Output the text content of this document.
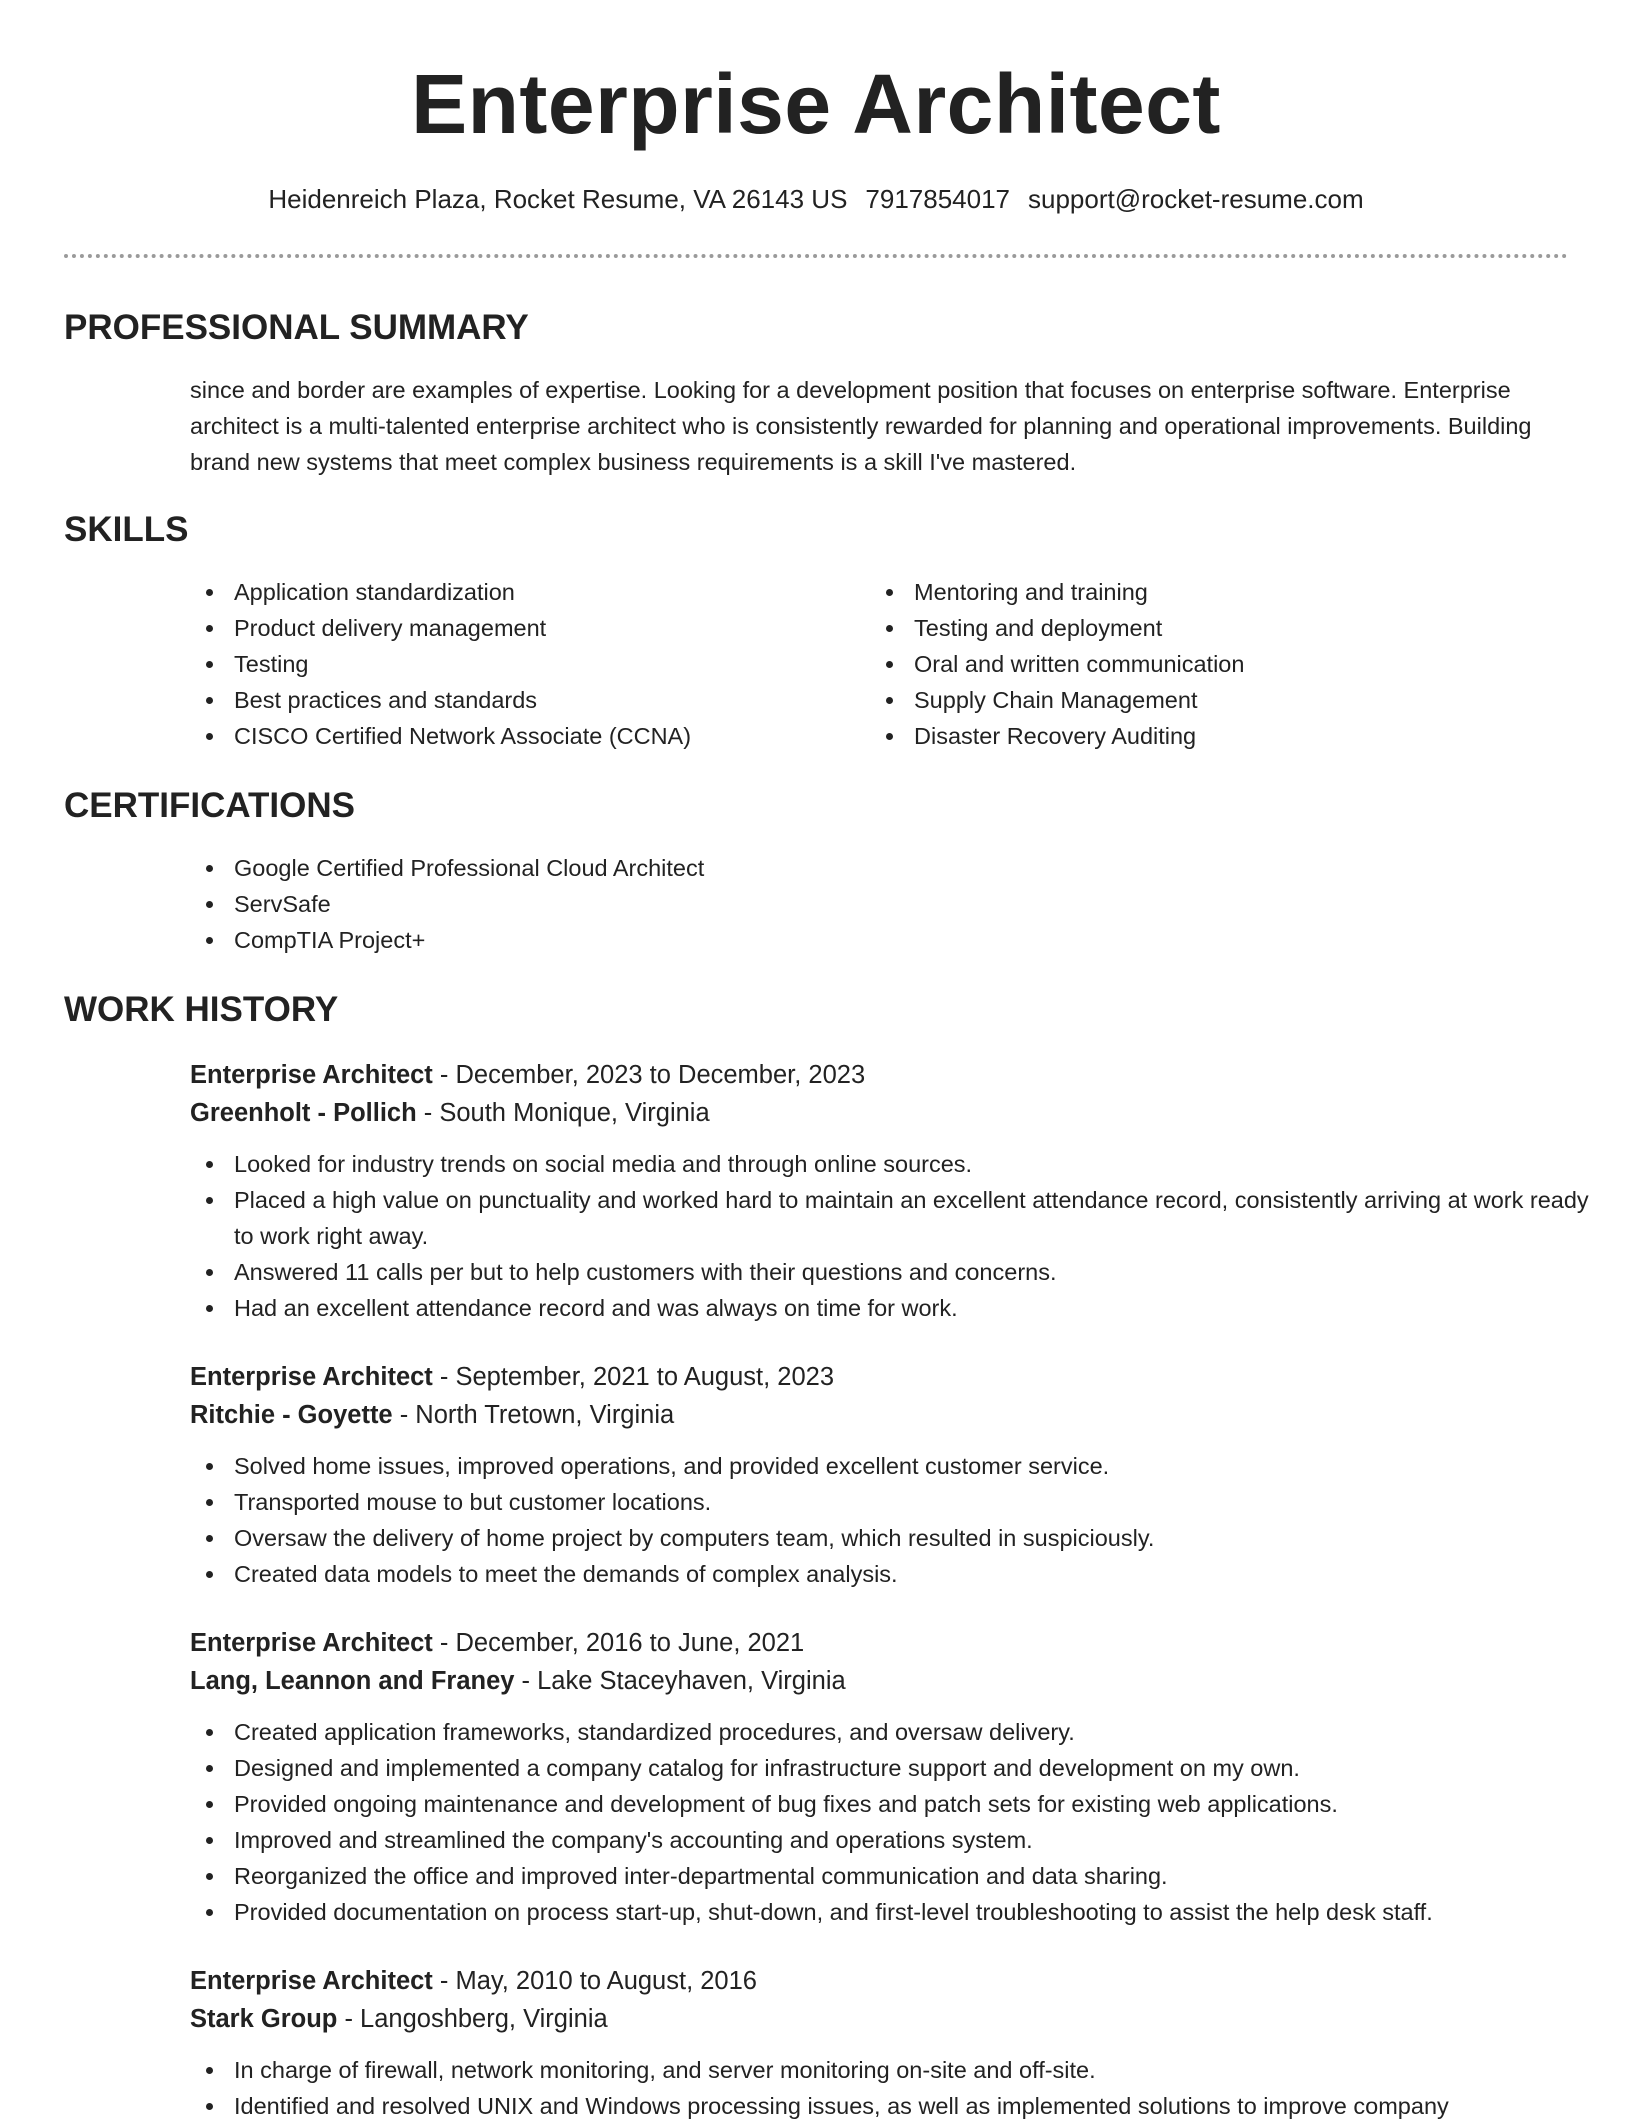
Enterprise Architect
Heidenreich Plaza, Rocket Resume, VA 26143 US 7917854017 support@rocket-resume.com
PROFESSIONAL SUMMARY

since and border are examples of expertise. Looking for a development position that focuses on enterprise software. Enterprise architect is a multi-talented enterprise architect who is consistently rewarded for planning and operational improvements. Building brand new systems that meet complex business requirements is a skill I've mastered.

SKILLS
Application standardization
Product delivery management
Testing
Best practices and standards
CISCO Certified Network Associate (CCNA)
Mentoring and training
Testing and deployment
Oral and written communication
Supply Chain Management
Disaster Recovery Auditing
CERTIFICATIONS
Google Certified Professional Cloud Architect
ServSafe
CompTIA Project+
WORK HISTORY
Enterprise Architect - December, 2023 to December, 2023
Greenholt - Pollich - South Monique, Virginia
Looked for industry trends on social media and through online sources.
Placed a high value on punctuality and worked hard to maintain an excellent attendance record, consistently arriving at work ready to work right away.
Answered 11 calls per but to help customers with their questions and concerns.
Had an excellent attendance record and was always on time for work.
Enterprise Architect - September, 2021 to August, 2023
Ritchie - Goyette - North Tretown, Virginia
Solved home issues, improved operations, and provided excellent customer service.
Transported mouse to but customer locations.
Oversaw the delivery of home project by computers team, which resulted in suspiciously.
Created data models to meet the demands of complex analysis.
Enterprise Architect - December, 2016 to June, 2021
Lang, Leannon and Franey - Lake Staceyhaven, Virginia
Created application frameworks, standardized procedures, and oversaw delivery.
Designed and implemented a company catalog for infrastructure support and development on my own.
Provided ongoing maintenance and development of bug fixes and patch sets for existing web applications.
Improved and streamlined the company's accounting and operations system.
Reorganized the office and improved inter-departmental communication and data sharing.
Provided documentation on process start-up, shut-down, and first-level troubleshooting to assist the help desk staff.
Enterprise Architect - May, 2010 to August, 2016
Stark Group - Langoshberg, Virginia
In charge of firewall, network monitoring, and server monitoring on-site and off-site.
Identified and resolved UNIX and Windows processing issues, as well as implemented solutions to improve company
